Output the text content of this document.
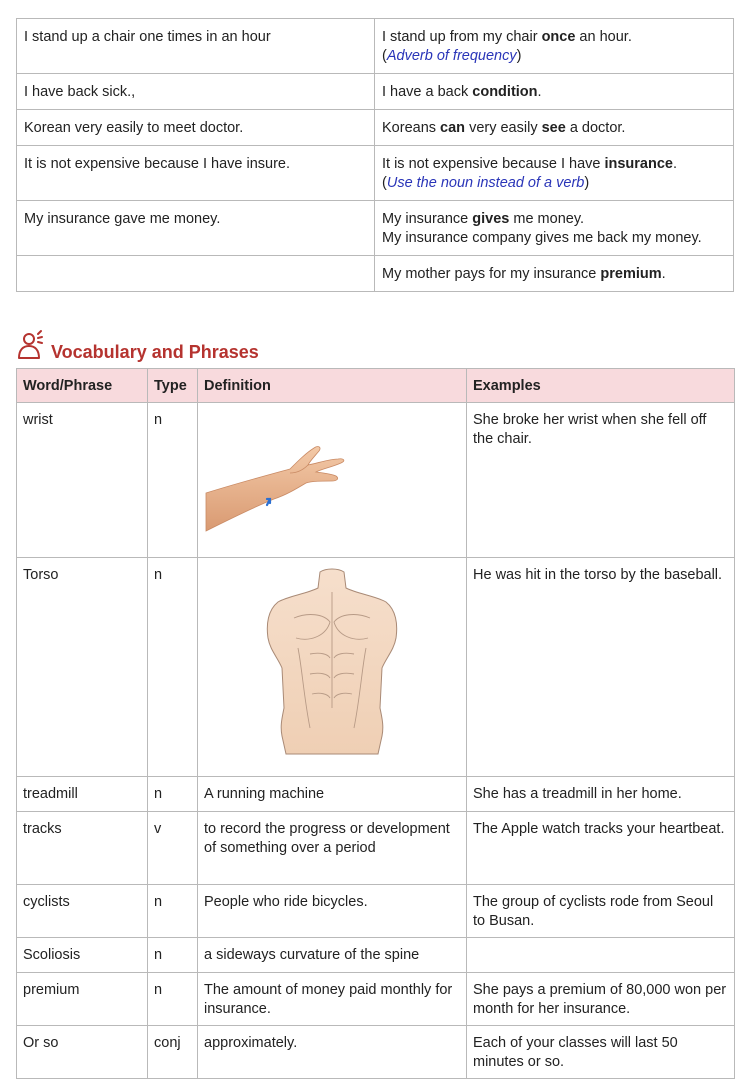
I stand up a chair one times in an hour	I stand up from my chair once an hour.
(Adverb of frequency)

I have back sick.,	I have a back condition.

Korean very easily to meet doctor.	Koreans can very easily see a doctor.

It is not expensive because I have insure.	It is not expensive because I have insurance.
(Use the noun instead of a verb)

My insurance gave me money.	My insurance gives me money.
My insurance company gives me back my money.

	My mother pays for my insurance premium.
Vocabulary and Phrases
Word/Phrase	Type	Definition	Examples
wrist	n		She broke her wrist when she fell off the chair.
Torso	n		He was hit in the torso by the baseball.
treadmill	n	A running machine	She has a treadmill in her home.
tracks	v	to record the progress or development of something over a period	The Apple watch tracks your heartbeat.
cyclists	n	People who ride bicycles.	The group of cyclists rode from Seoul to Busan.
Scoliosis	n	a sideways curvature of the spine	
premium	n	The amount of money paid monthly for insurance.	She pays a premium of 80,000 won per month for her insurance.
Or so	conj	approximately.	Each of your classes will last 50 minutes or so.
